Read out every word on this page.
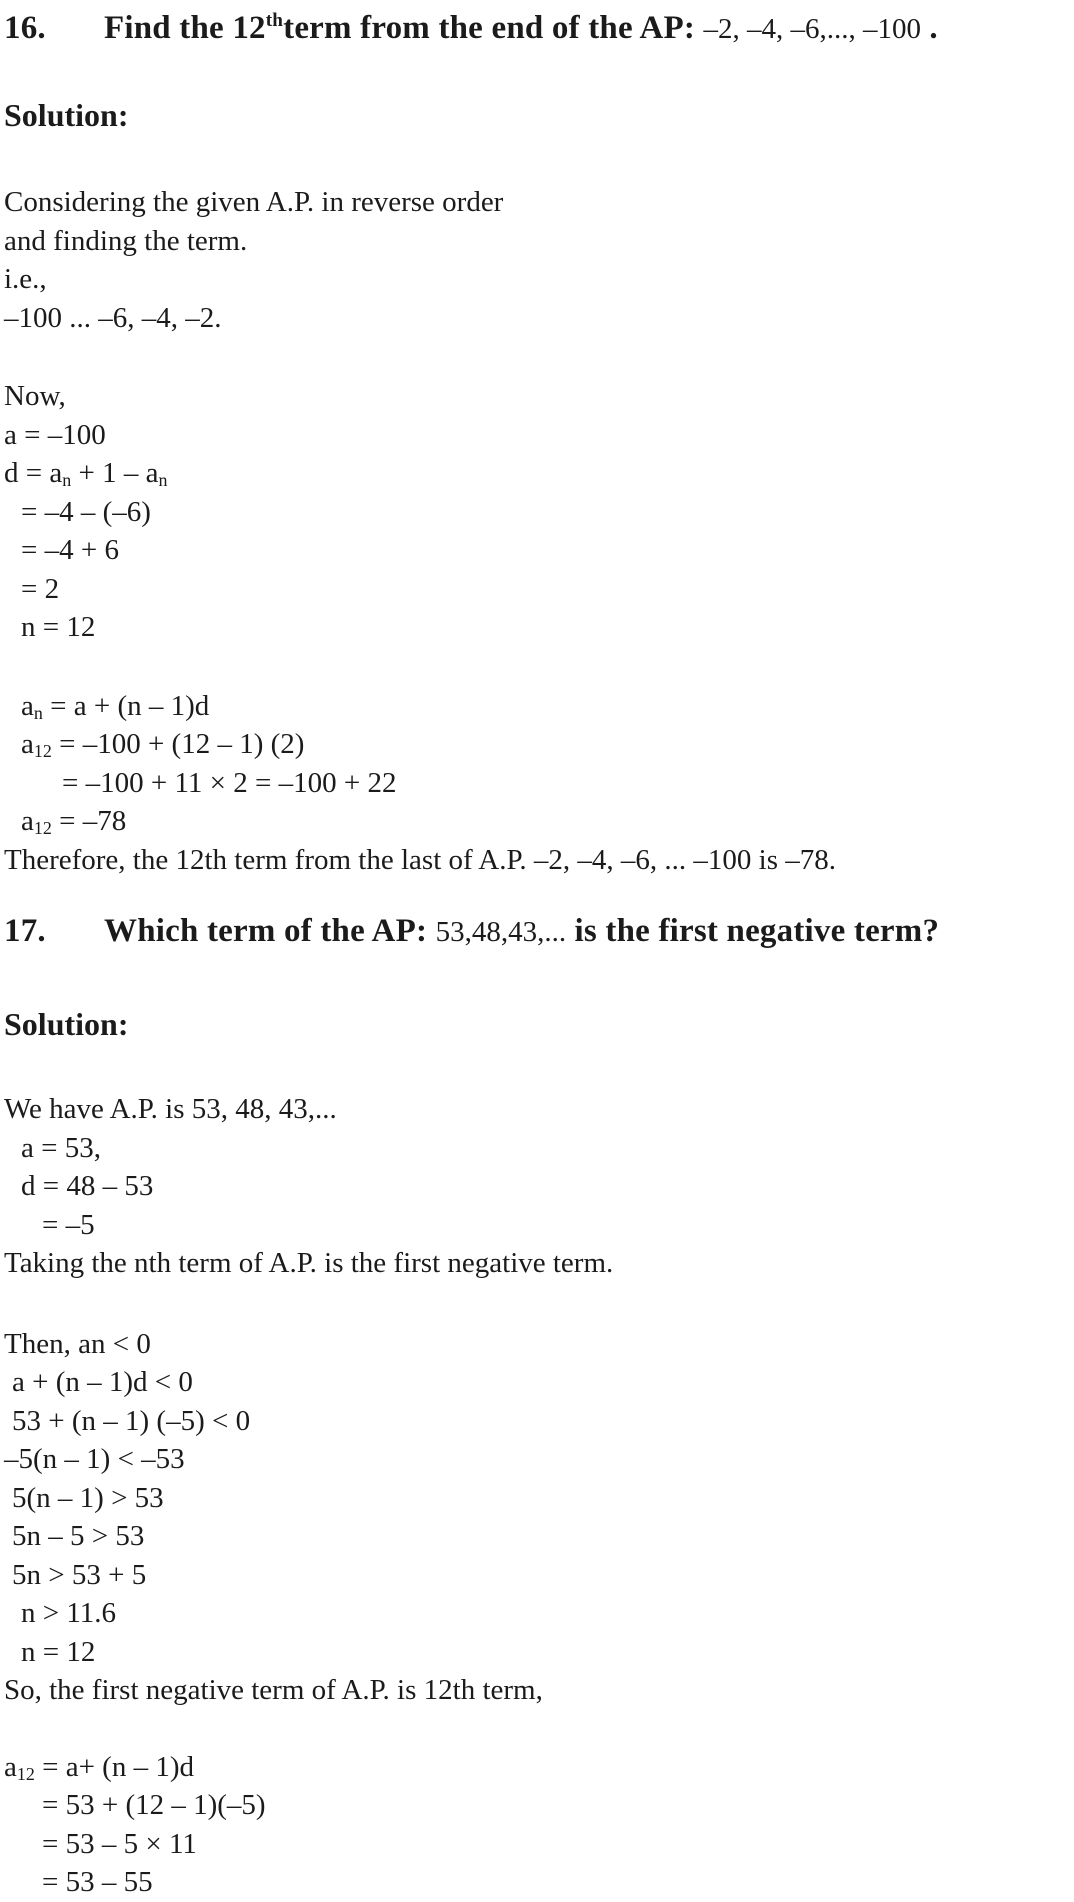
16.	Find the 12thterm from the end of the AP: –2, –4, –6,..., –100 .
Solution:
Considering the given A.P. in reverse order
and finding the term.
i.e.,
–100 ... –6, –4, –2.
Now,
a = –100
$d = a_n + 1 - a_n$
= –4 – (–6)
= –4 + 6
= 2
n = 12
$a_n = a + (n - 1)d$
$a_{12} = -100 + (12 - 1)$ (2)
= –100 + 11 × 2 = –100 + 22
$a_{12} = -78$
Therefore, the 12th term from the last of A.P. –2, –4, –6, ... –100 is –78.
17.	Which term of the AP: 53,48,43,... is the first negative term?
Solution:
We have A.P. is 53, 48, 43,...
a = 53,
d = 48 – 53
= –5
Taking the nth term of A.P. is the first negative term.
Then, an < 0
a + (n – 1)d < 0
53 + (n – 1) (–5) < 0
–5(n – 1) < –53
5(n – 1) > 53
5n – 5 > 53
5n > 53 + 5
n > 11.6
n = 12
So, the first negative term of A.P. is 12th term,
$a_{12} = a+ (n - 1)d$
= 53 + (12 – 1)(–5)
= 53 – 5 × 11
= 53 – 55
